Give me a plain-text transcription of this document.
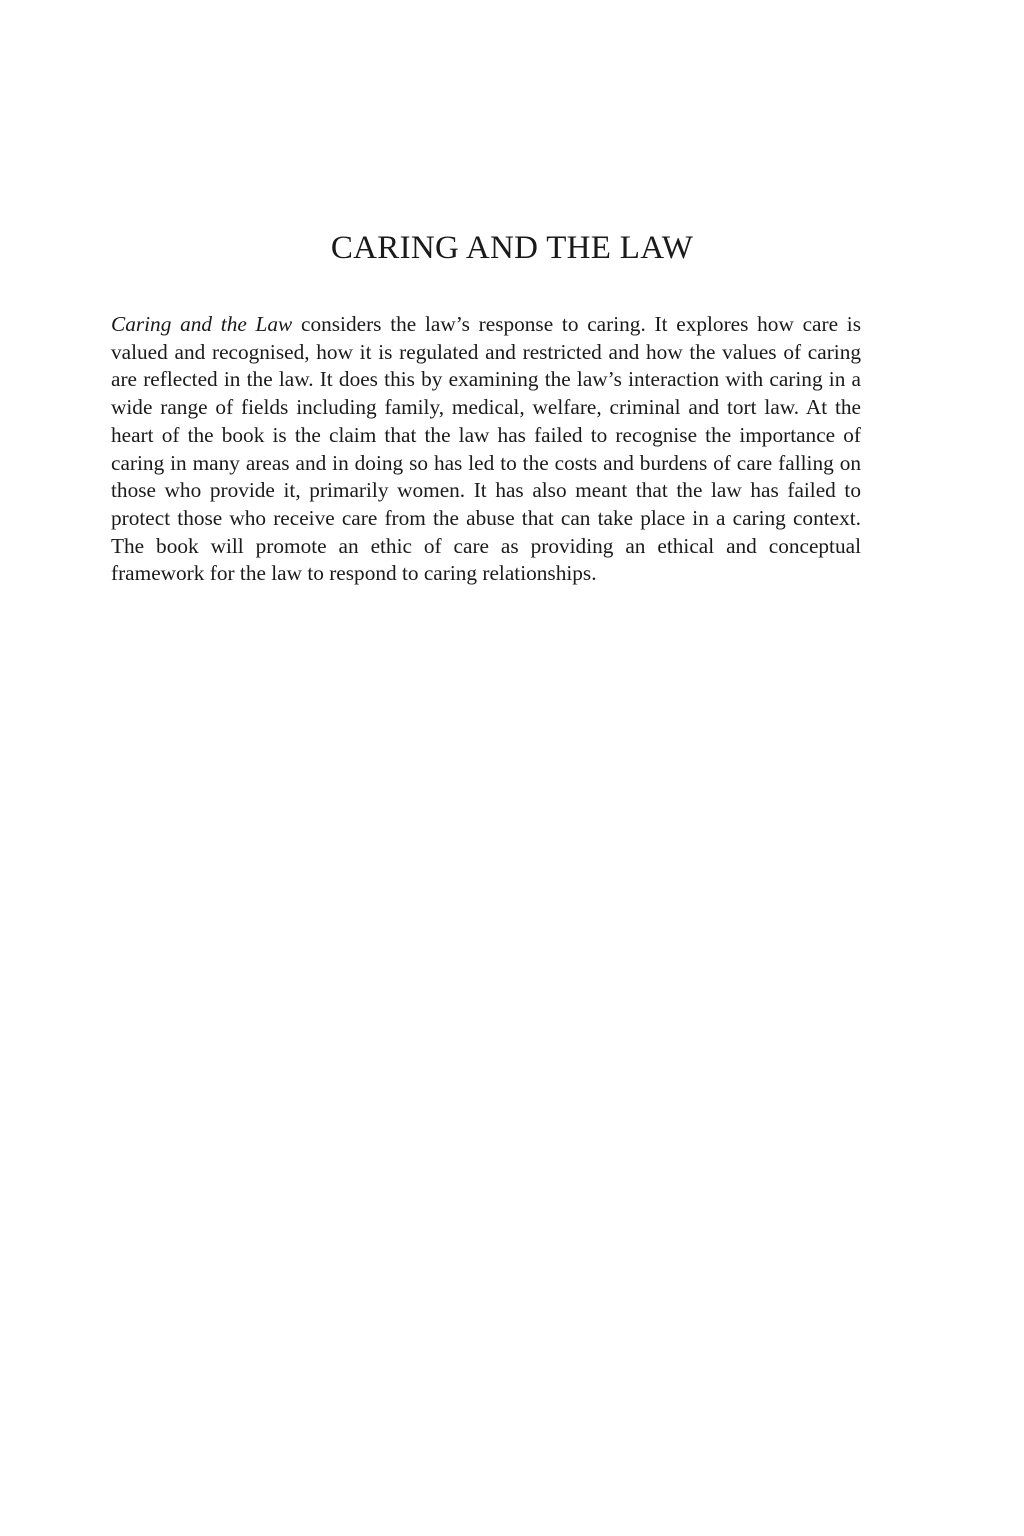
CARING AND THE LAW

Caring and the Law considers the law’s response to caring. It explores how care is valued and recognised, how it is regulated and restricted and how the values of caring are reflected in the law. It does this by examining the law’s interaction with caring in a wide range of fields including family, medical, welfare, criminal and tort law. At the heart of the book is the claim that the law has failed to recognise the importance of caring in many areas and in doing so has led to the costs and burdens of care falling on those who provide it, primarily women. It has also meant that the law has failed to protect those who receive care from the abuse that can take place in a caring context. The book will promote an ethic of care as providing an ethical and conceptual framework for the law to respond to caring relationships.
